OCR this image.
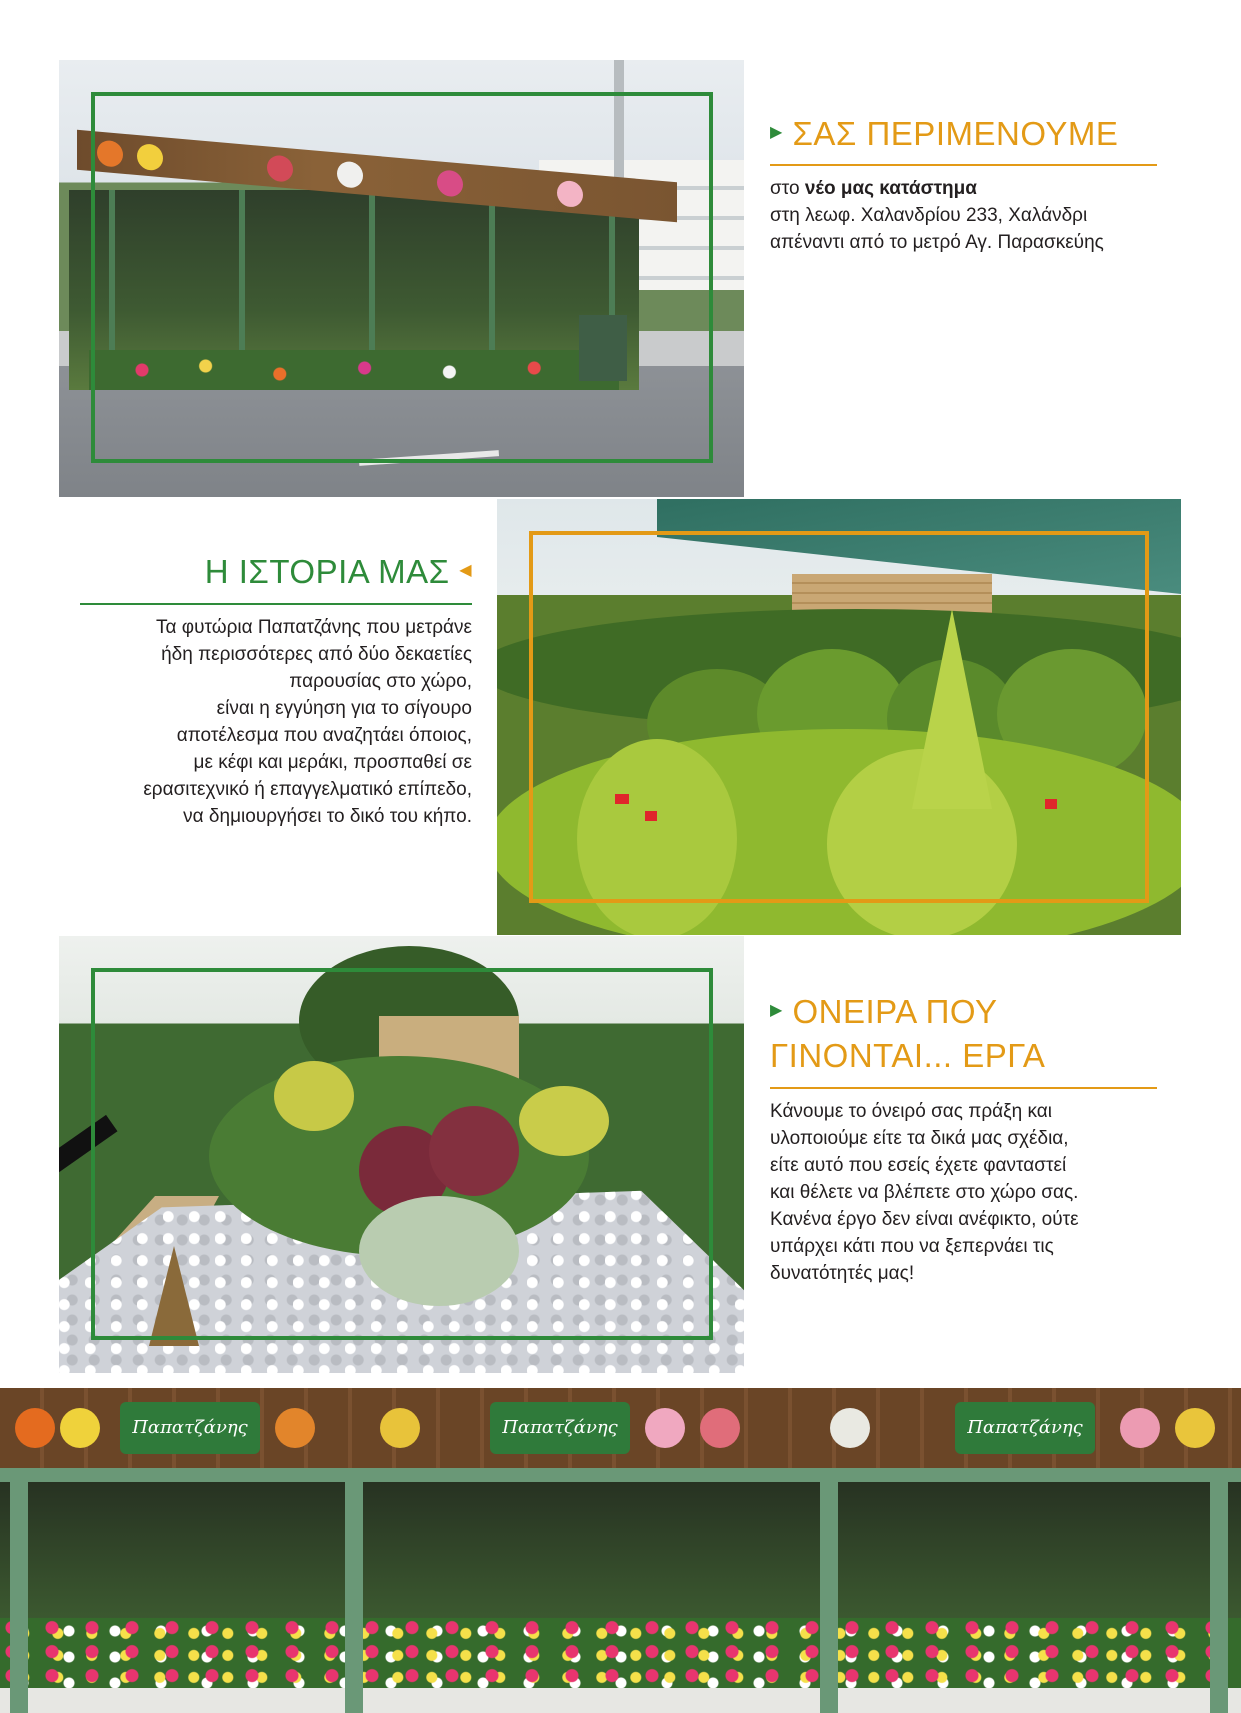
▶ ΣΑΣ ΠΕΡΙΜΕΝΟΥΜΕ

στο νέο μας κατάστημα
στη λεωφ. Χαλανδρίου 233, Χαλάνδρι
απέναντι από το μετρό Αγ. Παρασκεύης

Η ΙΣΤΟΡΙΑ ΜΑΣ ◀

Τα φυτώρια Παπατζάνης που μετράνε
ήδη περισσότερες από δύο δεκαετίες
παρουσίας στο χώρο,
είναι η εγγύηση για το σίγουρο
αποτέλεσμα που αναζητάει όποιος,
με κέφι και μεράκι, προσπαθεί σε
ερασιτεχνικό ή επαγγελματικό επίπεδο,
να δημιουργήσει το δικό του κήπο.

▶ ΟΝΕΙΡΑ ΠΟΥ
ΓΙΝΟΝΤΑΙ... ΕΡΓΑ

Κάνουμε το όνειρό σας πράξη και
υλοποιούμε είτε τα δικά μας σχέδια,
είτε αυτό που εσείς έχετε φανταστεί
και θέλετε να βλέπετε στο χώρο σας.
Κανένα έργο δεν είναι ανέφικτο, ούτε
υπάρχει κάτι που να ξεπερνάει τις
δυνατότητές μας!

Παπατζάνης	Παπατζάνης	Παπατζάνης
